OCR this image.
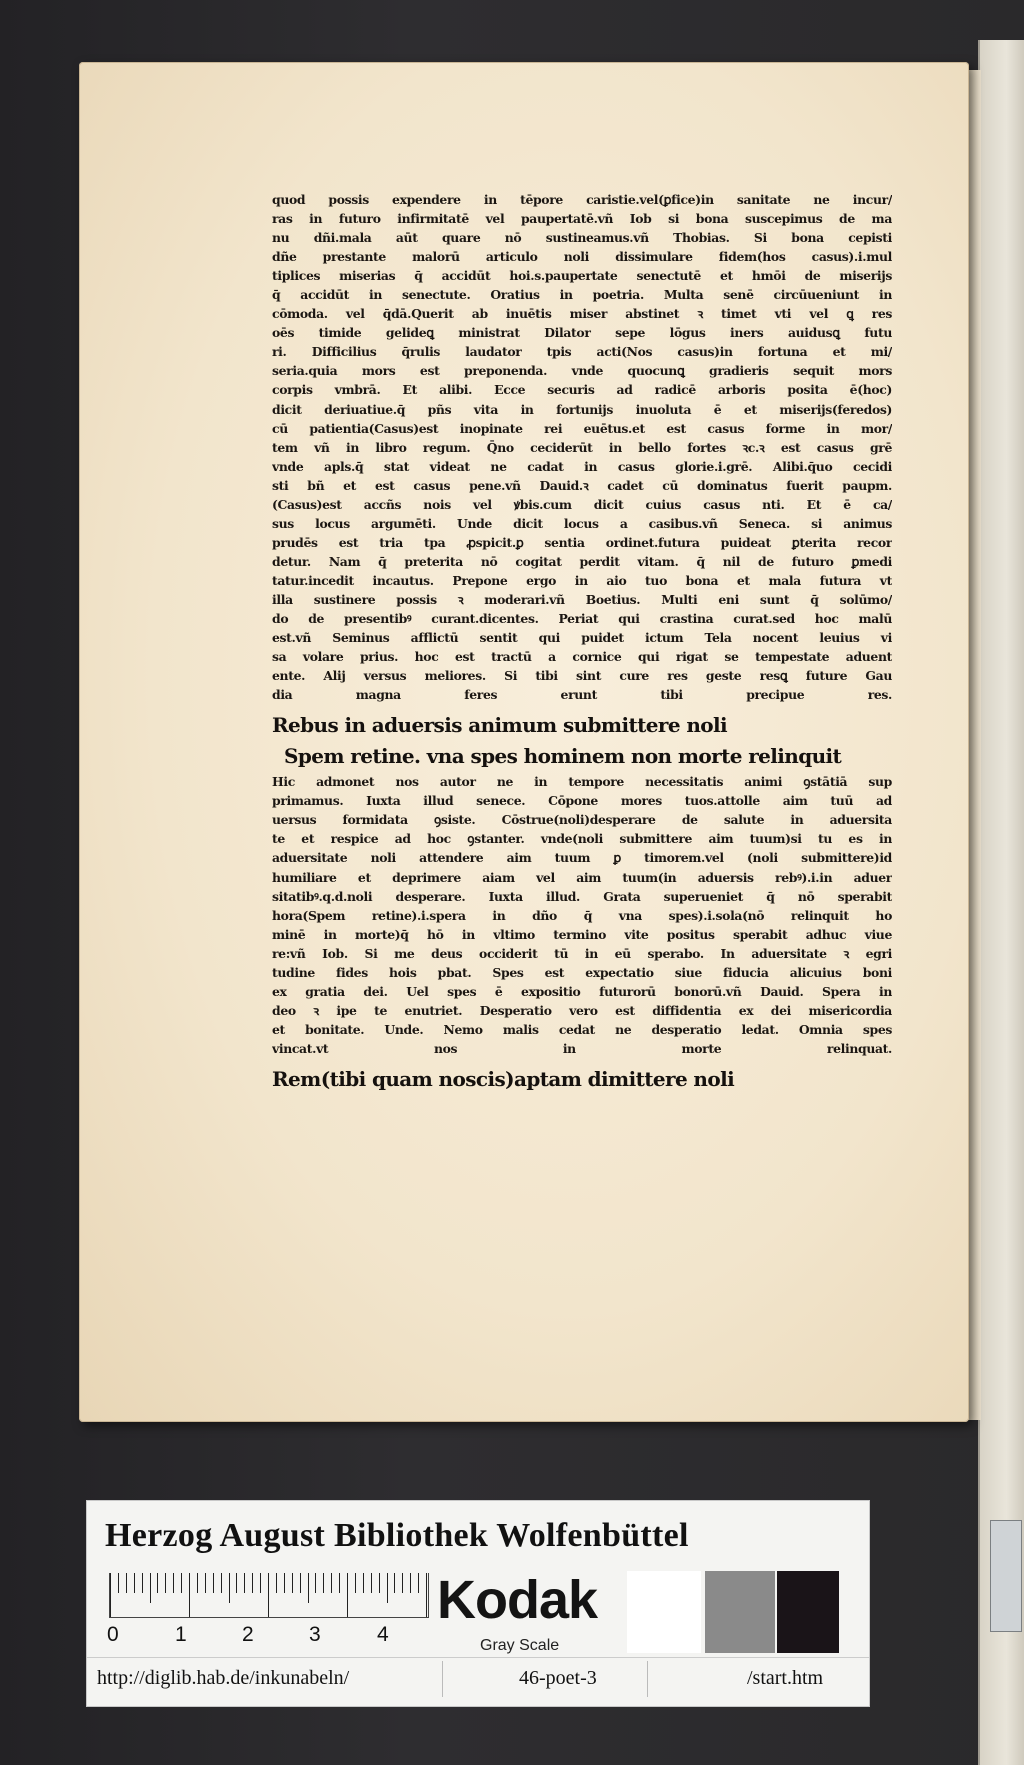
quod possis expendere in tēpore caristie.vel(ꝑfice)in sanitate ne incur/
ras in futuro infirmitatē vel paupertatē.vñ Iob si bona suscepimus de ma
nu dñi.mala aūt quare nō sustineamus.vñ Thobias. Si bona cepisti
dñe prestante malorū articulo noli dissimulare fidem(hos casus).i.mul
tiplices miserias q̄ accidūt hoi.s.paupertate senectutē et hmōi de miserijs
q̄ accidūt in senectute. Oratius in poetria. Multa senē circūueniunt in
cōmoda. vel q̄dā.Querit ab inuētis miser abstinet ꝛ timet vti vel ꝗ res
oēs timide gelideꝗ ministrat Dilator sepe lōgus iners auidusꝗ futu
ri. Difficilius q̄rulis laudator tpis acti(Nos casus)in fortuna et mi/
seria.quia mors est preponenda. vnde quocunꝗ gradieris sequit mors
corpis vmbrā. Et alibi. Ecce securis ad radicē arboris posita ē(hoc)
dicit deriuatiue.q̄ pñs vita in fortunijs inuoluta ē et miserijs(feredos)
cū patientia(Casus)est inopinate rei euētus.et est casus forme in mor/
tem vñ in libro regum. Q̄no ceciderūt in bello fortes ꝛc.ꝛ est casus grē
vnde apls.q̄ stat videat ne cadat in casus glorie.i.grē. Alibi.q̄uo cecidi
sti bñ et est casus pene.vñ Dauid.ꝛ cadet cū dominatus fuerit paupm.
(Casus)est accñs nois vel ꝟbis.cum dicit cuius casus nti. Et ē ca/
sus locus argumēti. Unde dicit locus a casibus.vñ Seneca. si animus
prudēs est tria tpa ꝓspicit.ꝑ sentia ordinet.futura puideat ꝑterita recor
detur. Nam q̄ preterita nō cogitat perdit vitam. q̄ nil de futuro ꝑmedi
tatur.incedit incautus. Prepone ergo in aio tuo bona et mala futura vt
illa sustinere possis ꝛ moderari.vñ Boetius. Multi eni sunt q̄ solūmo/
do de presentibꝰ curant.dicentes. Periat qui crastina curat.sed hoc malū
est.vñ Seminus afflictū sentit qui puidet ictum Tela nocent leuius vi
sa volare prius. hoc est tractū a cornice qui rigat se tempestate aduent
ente. Alij versus meliores. Si tibi sint cure res geste resꝗ future Gau
dia magna feres erunt tibi precipue res.
Rebus in aduersis animum submittere noli
Spem retine. vna spes hominem non morte relinquit
Hic admonet nos autor ne in tempore necessitatis animi ꝯstātiā sup
primamus. Iuxta illud senece. Cōpone mores tuos.attolle aim tuū ad
uersus formidata ꝯsiste. Cōstrue(noli)desperare de salute in aduersita
te et respice ad hoc ꝯstanter. vnde(noli submittere aim tuum)si tu es in
aduersitate noli attendere aim tuum ꝑ timorem.vel (noli submittere)id
humiliare et deprimere aiam vel aim tuum(in aduersis rebꝰ).i.in aduer
sitatibꝰ.q.d.noli desperare. Iuxta illud. Grata superueniet q̄ nō sperabit
hora(Spem retine).i.spera in dño q̄ vna spes).i.sola(nō relinquit ho
minē in morte)q̄ hō in vltimo termino vite positus sperabit adhuc viue
re:vñ Iob. Si me deus occiderit tū in eū sperabo. In aduersitate ꝛ egri
tudine fides hois pbat. Spes est expectatio siue fiducia alicuius boni
ex gratia dei. Uel spes ē expositio futurorū bonorū.vñ Dauid. Spera in
deo ꝛ ipe te enutriet. Desperatio vero est diffidentia ex dei misericordia
et bonitate. Unde. Nemo malis cedat ne desperatio ledat. Omnia spes
vincat.vt nos in morte relinquat.
Rem(tibi quam noscis)aptam dimittere noli
Herzog August Bibliothek Wolfenbüttel
0	1	2	3	4
Kodak
Gray Scale
http://diglib.hab.de/inkunabeln/	46-poet-3	/start.htm
